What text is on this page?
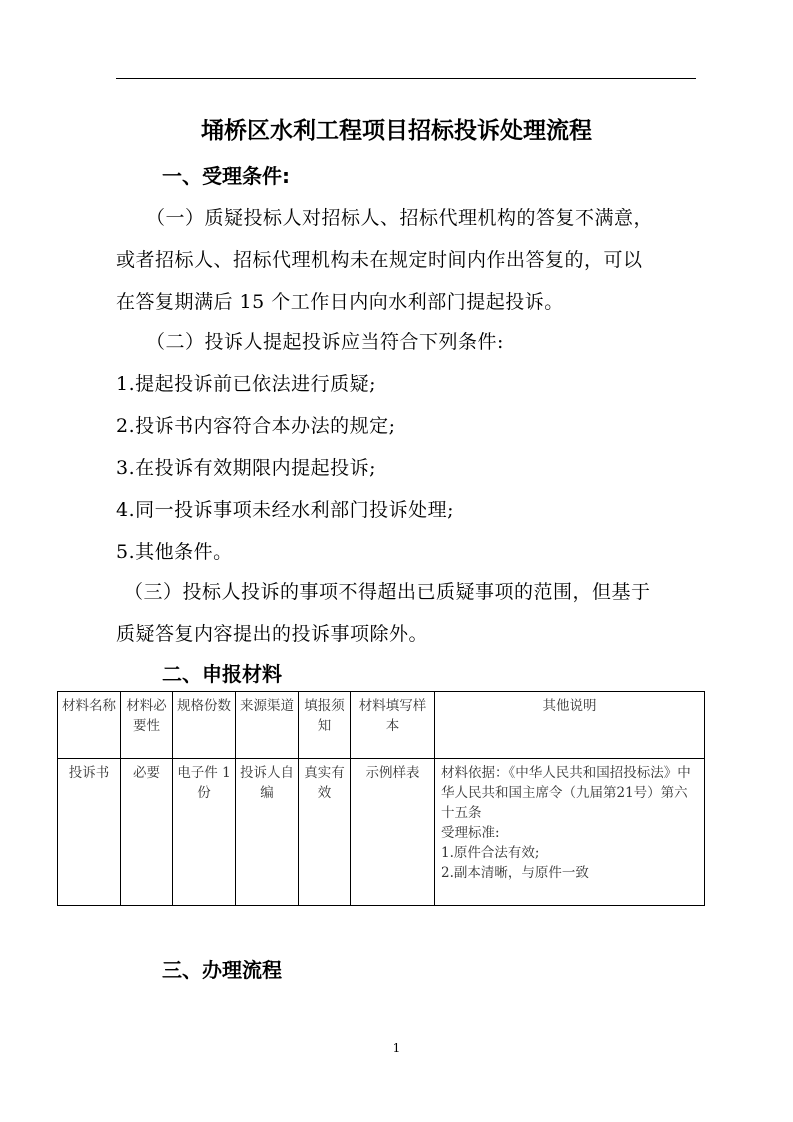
埇桥区水利工程项目招标投诉处理流程
一、受理条件:
（一）质疑投标人对招标人、招标代理机构的答复不满意，
或者招标人、招标代理机构未在规定时间内作出答复的，可以
在答复期满后 15 个工作日内向水利部门提起投诉。
（二）投诉人提起投诉应当符合下列条件:
1.提起投诉前已依法进行质疑;
2.投诉书内容符合本办法的规定;
3.在投诉有效期限内提起投诉;
4.同一投诉事项未经水利部门投诉处理;
5.其他条件。
（三）投标人投诉的事项不得超出已质疑事项的范围，但基于
质疑答复内容提出的投诉事项除外。
二、申报材料
材料名称	材料必要性	规格份数	来源渠道	填报须知	材料填写样本	其他说明
投诉书	必要	电子件 1 份	投诉人自编	真实有效	示例样表	材料依据：《中华人民共和国招投标法》中华人民共和国主席令（九届第21号）第六十五条
受理标准:
1.原件合法有效;
2.副本清晰，与原件一致
三、办理流程
1
